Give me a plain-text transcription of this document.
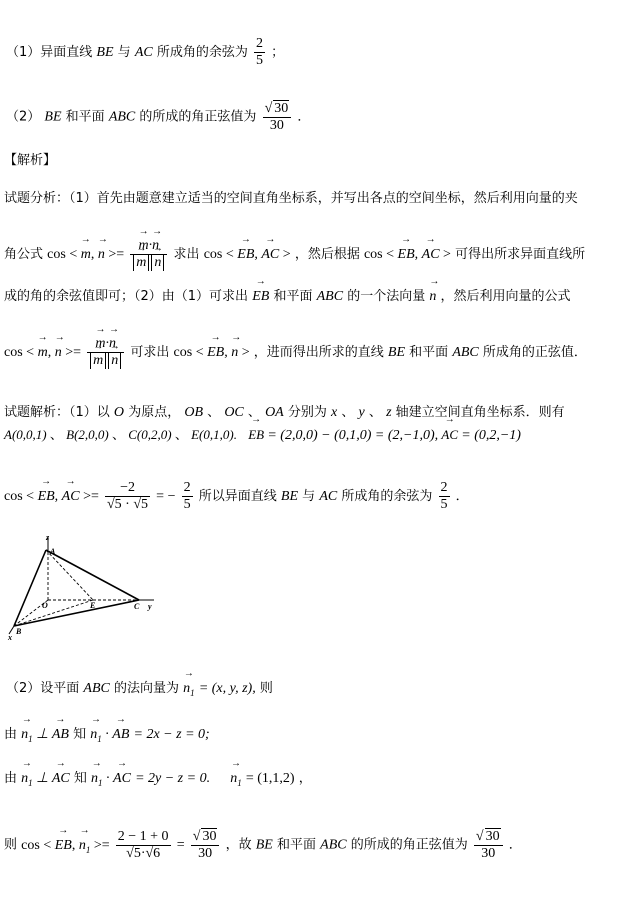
（1）异面直线 BE 与 AC 所成角的余弦为 $\frac{2}{5}$ ；
（2） BE 和平面 ABC 的所成的角正弦值为 $\frac{√ 30}{30}$ ．
【解析】
试题分析：（1）首先由题意建立适当的空间直角坐标系，并写出各点的空间坐标，然后利用向量的夹
角公式 cos < → m, → n >= → m·→ n
→ m → n 求出 cos < → EB, → AC > ，然后根据 cos < → EB, → AC > 可得出所求异面直线所
成的角的余弦值即可；（2）由（1）可求出 → EB 和平面 ABC 的一个法向量 → n ，然后利用向量的公式
cos < → m, → n >= → m·→ n
→ m → n 可求出 cos < → EB, → n > ，进而得出所求的直线 BE 和平面 ABC 所成角的正弦值．
试题解析：（1）以 O 为原点， OB 、 OC 、 OA 分别为 x 、 y 、 z 轴建立空间直角坐标系．则有
A(0,0,1) 、 B(2,0,0) 、 C(0,2,0) 、 E(0,1,0). → EB = (2,0,0) − (0,1,0) = (2,−1,0), → AC = (0,2,−1)
cos < → EB, → AC >= $\frac{-2}{√5 \cdot √5}$ = − $\frac{2}{5}$ 所以异面直线 BE 与 AC 所成角的余弦为 $\frac{2}{5}$ ．
z
A
O	E	C y
B
x
（2）设平面 ABC 的法向量为 → $n_1 = (x$, y, z), 则
由 → $n_1$ ⊥ → AB 知 → $n_1$ · → AB = 2x − z = 0;
由 → $n_1$ ⊥ → AC 知 → $n_1$ · → AC = 2y − z = 0. → $n_1 = (1,1,2)$ ，
则 cos < → EB, → $n_1 >= \frac{2 - 1 + 0}{√5\cdot√6} = \frac{√ 30}{30}$ ，故 BE 和平面 ABC 的所成的角正弦值为 $\frac{√ 30}{30}$ ．
